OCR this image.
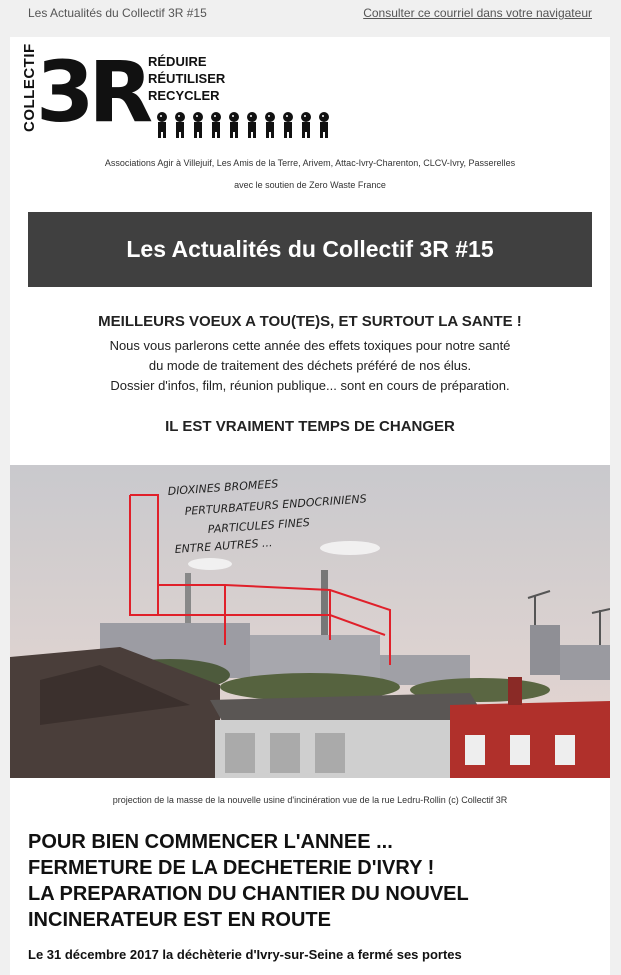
Les Actualités du Collectif 3R #15	Consulter ce courriel dans votre navigateur
COLLECTIF
3R RÉDUIRE
RÉUTILISER
RECYCLER
Associations Agir à Villejuif, Les Amis de la Terre, Arivem, Attac-Ivry-Charenton, CLCV-Ivry, Passerelles
avec le soutien de Zero Waste France
Les Actualités du Collectif 3R #15
MEILLEURS VOEUX A TOU(TE)S, ET SURTOUT LA SANTE !
Nous vous parlerons cette année des effets toxiques pour notre santé
du mode de traitement des déchets préféré de nos élus.
Dossier d'infos, film, réunion publique... sont en cours de préparation.
IL EST VRAIMENT TEMPS DE CHANGER
DIOXINES BROMEES
PERTURBATEURS ENDOCRINIENS
PARTICULES FINES
ENTRE AUTRES ...
projection de la masse de la nouvelle usine d'incinération vue de la rue Ledru-Rollin (c) Collectif 3R
POUR BIEN COMMENCER L'ANNEE ...
FERMETURE DE LA DECHETERIE D'IVRY !
LA PREPARATION DU CHANTIER DU NOUVEL
INCINERATEUR EST EN ROUTE
Le 31 décembre 2017 la déchèterie d'Ivry-sur-Seine a fermé ses portes
